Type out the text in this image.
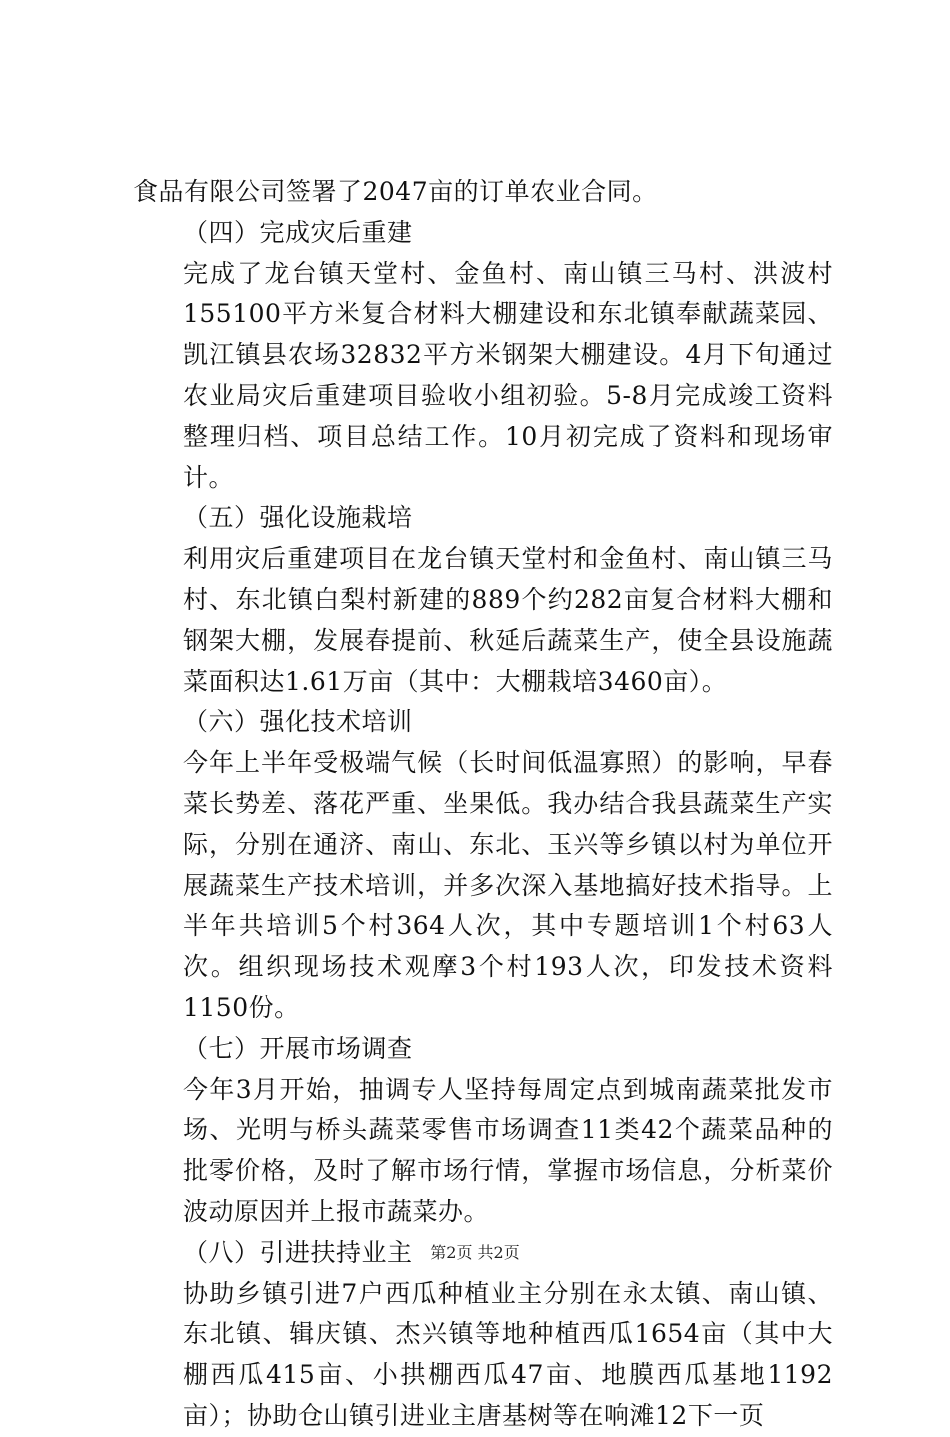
食品有限公司签署了2047亩的订单农业合同。

（四）完成灾后重建

完成了龙台镇天堂村、金鱼村、南山镇三马村、洪波村155100平方米复合材料大棚建设和东北镇奉献蔬菜园、凯江镇县农场32832平方米钢架大棚建设。4月下旬通过农业局灾后重建项目验收小组初验。5-8月完成竣工资料整理归档、项目总结工作。10月初完成了资料和现场审计。

（五）强化设施栽培

利用灾后重建项目在龙台镇天堂村和金鱼村、南山镇三马村、东北镇白梨村新建的889个约282亩复合材料大棚和钢架大棚，发展春提前、秋延后蔬菜生产，使全县设施蔬菜面积达1.61万亩（其中：大棚栽培3460亩）。

（六）强化技术培训

今年上半年受极端气候（长时间低温寡照）的影响，早春菜长势差、落花严重、坐果低。我办结合我县蔬菜生产实际，分别在通济、南山、东北、玉兴等乡镇以村为单位开展蔬菜生产技术培训，并多次深入基地搞好技术指导。上半年共培训5个村364人次，其中专题培训1个村63人次。组织现场技术观摩3个村193人次，印发技术资料1150份。

（七）开展市场调查

今年3月开始，抽调专人坚持每周定点到城南蔬菜批发市场、光明与桥头蔬菜零售市场调查11类42个蔬菜品种的批零价格，及时了解市场行情，掌握市场信息，分析菜价波动原因并上报市蔬菜办。

（八）引进扶持业主

协助乡镇引进7户西瓜种植业主分别在永太镇、南山镇、东北镇、辑庆镇、杰兴镇等地种植西瓜1654亩（其中大棚西瓜415亩、小拱棚西瓜47亩、地膜西瓜基地1192亩）；协助仓山镇引进业主唐基树等在响滩12下一页

第2页 共2页
